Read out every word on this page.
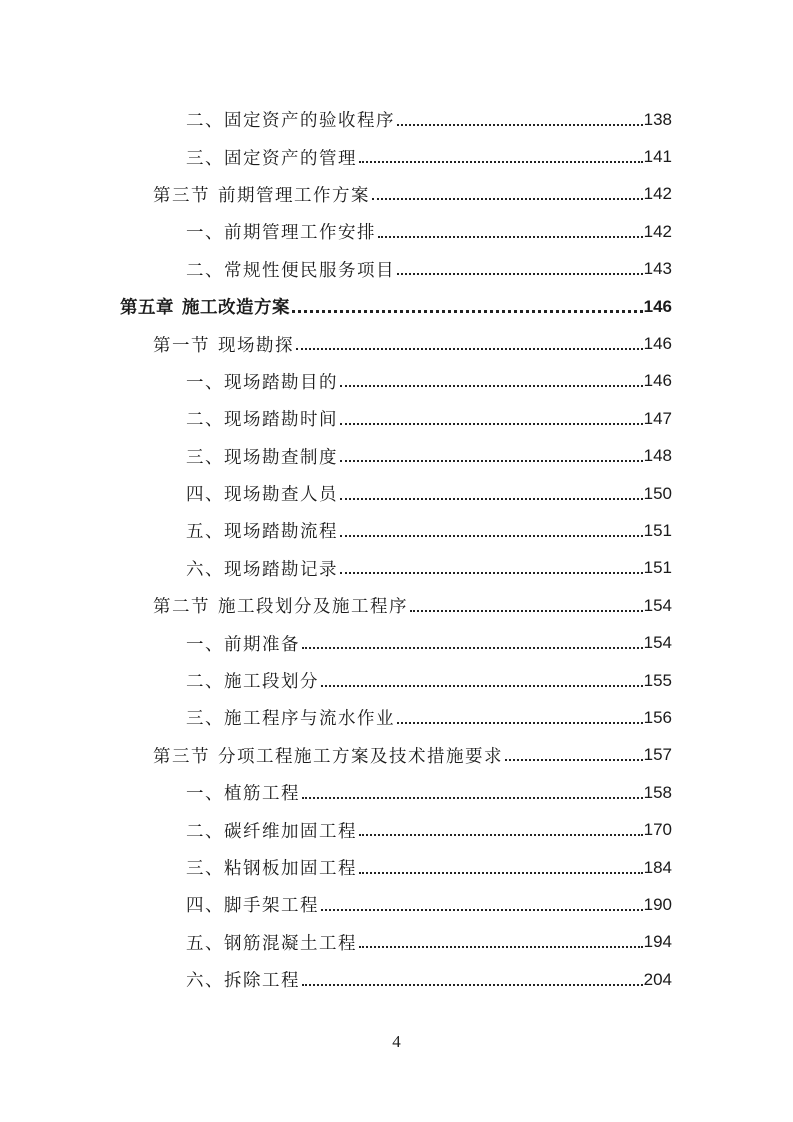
二、固定资产的验收程序	138
三、固定资产的管理	141
第三节 前期管理工作方案	142
一、前期管理工作安排	142
二、常规性便民服务项目	143
第五章 施工改造方案	146
第一节 现场勘探	146
一、现场踏勘目的	146
二、现场踏勘时间	147
三、现场勘查制度	148
四、现场勘查人员	150
五、现场踏勘流程	151
六、现场踏勘记录	151
第二节 施工段划分及施工程序	154
一、前期准备	154
二、施工段划分	155
三、施工程序与流水作业	156
第三节 分项工程施工方案及技术措施要求	157
一、植筋工程	158
二、碳纤维加固工程	170
三、粘钢板加固工程	184
四、脚手架工程	190
五、钢筋混凝土工程	194
六、拆除工程	204
4
